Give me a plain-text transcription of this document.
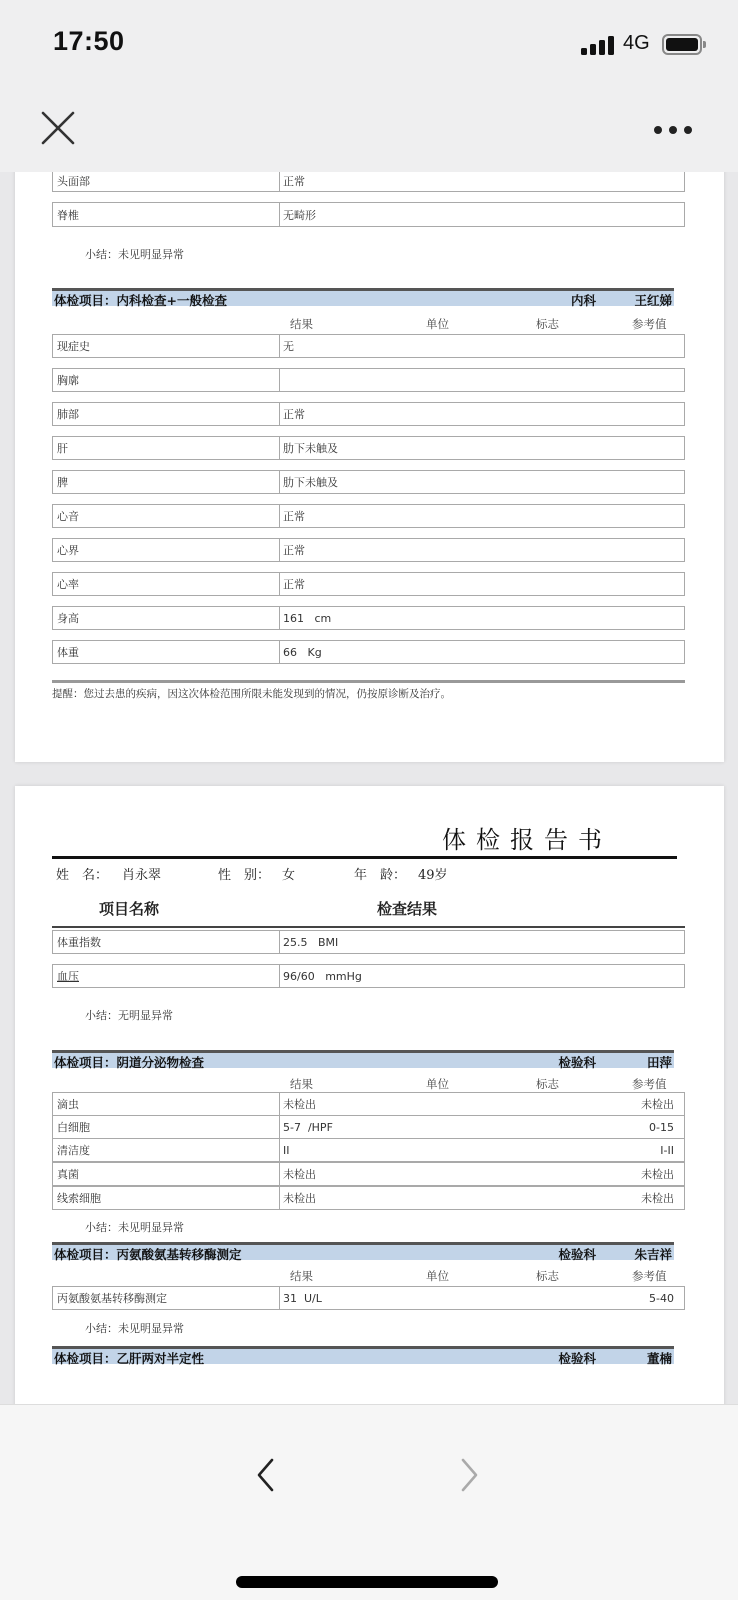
17:50	4G
头面部	正常
脊椎	无畸形
小结：未见明显异常
体检项目：内科检查+一般检查	内科	王红娣
结果	单位	标志	参考值
现症史	无
胸廓
肺部	正常
肝	肋下未触及
脾	肋下未触及
心音	正常
心界	正常
心率	正常
身高	161   cm
体重	66   Kg
提醒：您过去患的疾病，因这次体检范围所限未能发现到的情况，仍按原诊断及治疗。
体检报告书
姓　名： 肖永翠	性　别： 女	年　龄： 49岁
项目名称	检查结果
体重指数	25.5   BMI
血压	96/60   mmHg
小结：无明显异常
体检项目：阴道分泌物检查	检验科	田萍
结果	单位	标志	参考值
滴虫	未检出	未检出
白细胞	5-7  /HPF	0-15
清洁度	II	I-II
真菌	未检出	未检出
线索细胞	未检出	未检出
小结：未见明显异常
体检项目：丙氨酸氨基转移酶测定	检验科	朱吉祥
结果	单位	标志	参考值
丙氨酸氨基转移酶测定	31  U/L	5-40
小结：未见明显异常
体检项目：乙肝两对半定性	检验科	董楠
